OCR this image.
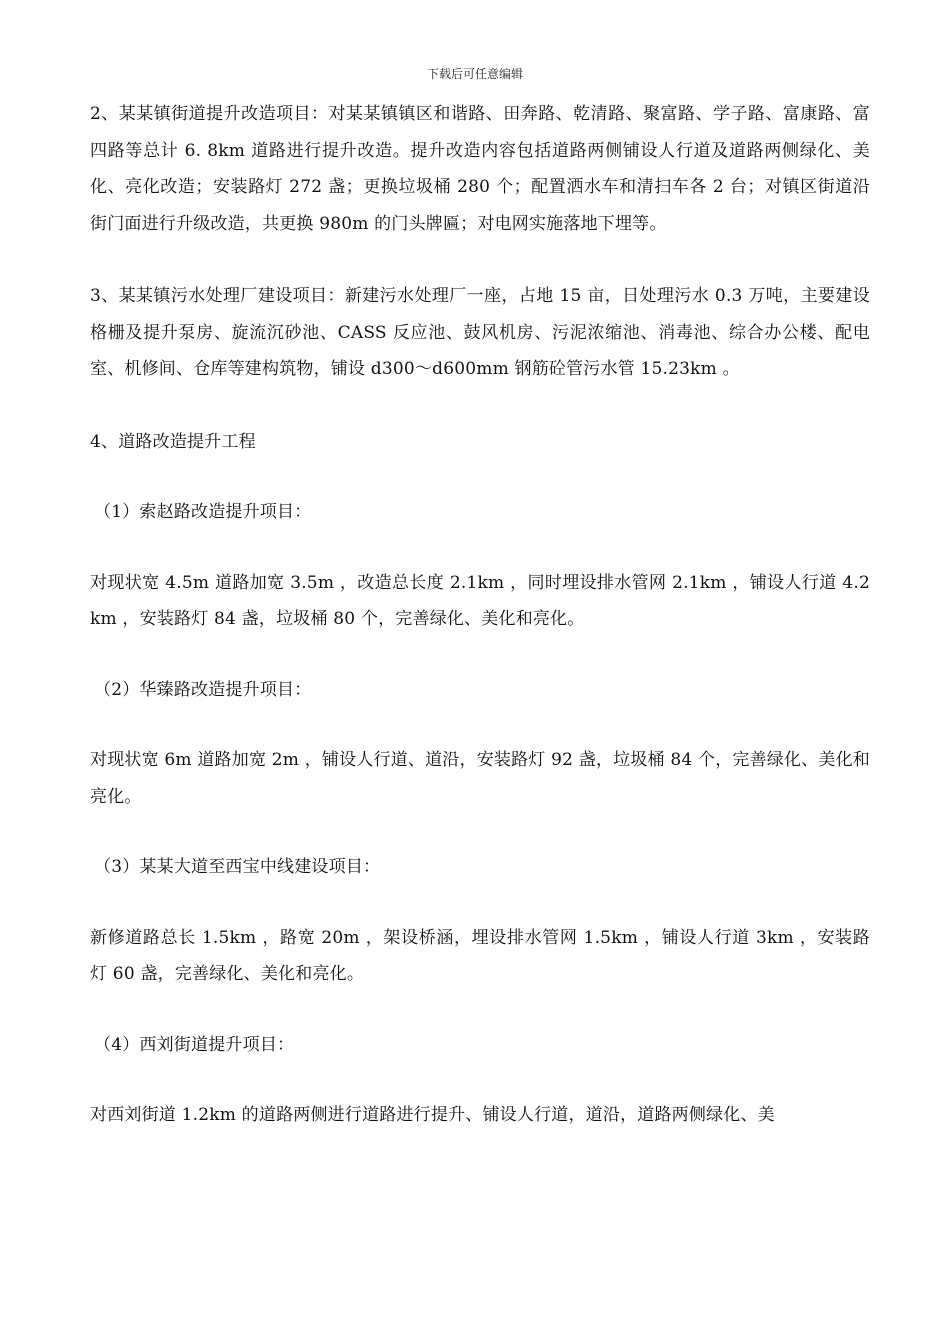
下载后可任意编辑

2、某某镇街道提升改造项目：对某某镇镇区和谐路、田奔路、乾清路、聚富路、学子路、富康路、富四路等总计 6. 8km 道路进行提升改造。提升改造内容包括道路两侧铺设人行道及道路两侧绿化、美化、亮化改造；安装路灯 272 盏；更换垃圾桶 280 个；配置洒水车和清扫车各 2 台；对镇区街道沿街门面进行升级改造，共更换 980m 的门头牌匾；对电网实施落地下埋等。

3、某某镇污水处理厂建设项目：新建污水处理厂一座，占地 15 亩，日处理污水 0.3 万吨，主要建设格栅及提升泵房、旋流沉砂池、CASS 反应池、鼓风机房、污泥浓缩池、消毒池、综合办公楼、配电室、机修间、仓库等建构筑物，铺设 d300～d600mm 钢筋砼管污水管 15.23km 。

4、道路改造提升工程

（1）索赵路改造提升项目：

对现状宽 4.5m 道路加宽 3.5m ，改造总长度 2.1km ，同时埋设排水管网 2.1km ，铺设人行道 4.2km ，安装路灯 84 盏，垃圾桶 80 个，完善绿化、美化和亮化。

（2）华臻路改造提升项目：

对现状宽 6m 道路加宽 2m ，铺设人行道、道沿，安装路灯 92 盏，垃圾桶 84 个，完善绿化、美化和亮化。

（3）某某大道至西宝中线建设项目：

新修道路总长 1.5km ，路宽 20m ，架设桥涵，埋设排水管网 1.5km ，铺设人行道 3km ，安装路灯 60 盏，完善绿化、美化和亮化。

（4）西刘街道提升项目：

对西刘街道 1.2km 的道路两侧进行道路进行提升、铺设人行道，道沿，道路两侧绿化、美
